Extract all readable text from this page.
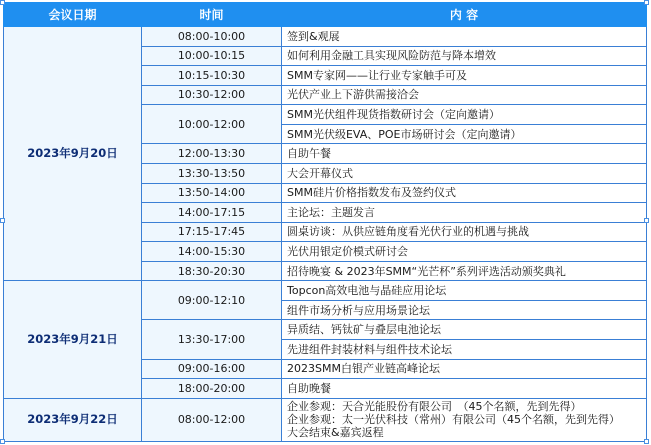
会议日期	时间	内 容
2023年9月20日	08:00-10:00	签到&观展
	10:00-10:15	如何利用金融工具实现风险防范与降本增效
	10:15-10:30	SMM专家网——让行业专家触手可及
	10:30-12:00	光伏产业上下游供需接洽会
	10:00-12:00	SMM光伏组件现货指数研讨会（定向邀请）
		SMM光伏级EVA、POE市场研讨会（定向邀请）
	12:00-13:30	自助午餐
	13:30-13:50	大会开幕仪式
	13:50-14:00	SMM硅片价格指数发布及签约仪式
	14:00-17:15	主论坛：主题发言
	17:15-17:45	圆桌访谈：从供应链角度看光伏行业的机遇与挑战
	14:00-15:30	光伏用银定价模式研讨会
	18:30-20:30	招待晚宴 & 2023年SMM“光芒杯”系列评选活动颁奖典礼
2023年9月21日	09:00-12:10	Topcon高效电池与晶硅应用论坛
		组件市场分析与应用场景论坛
	13:30-17:00	异质结、钙钛矿与叠层电池论坛
		先进组件封装材料与组件技术论坛
	09:00-16:00	2023SMM白银产业链高峰论坛
	18:00-20:00	自助晚餐
2023年9月22日	08:00-12:00	企业参观：天合光能股份有限公司　（45个名额，先到先得）
企业参观：太一光伏科技（常州）有限公司（45个名额，先到先得）
大会结束&嘉宾返程
